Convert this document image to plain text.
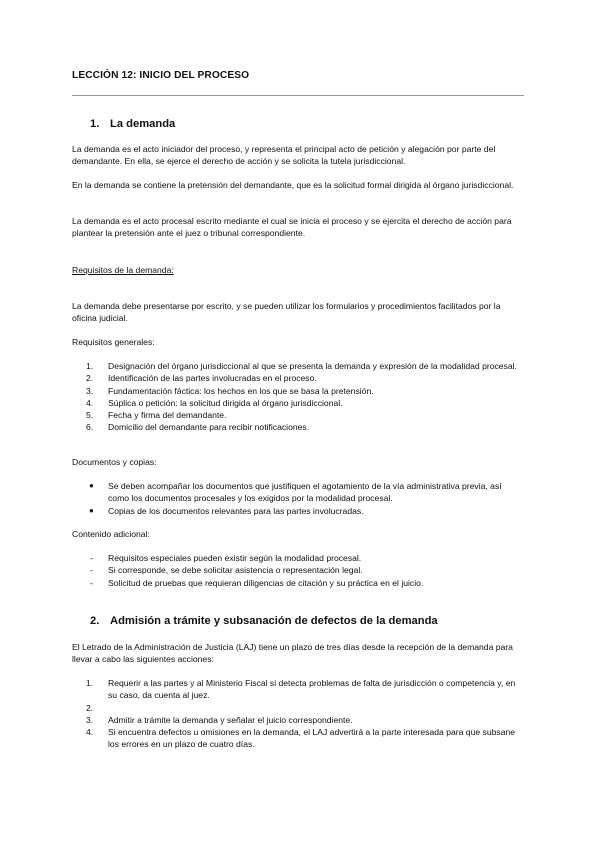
LECCIÓN 12: INICIO DEL PROCESO
1. La demanda

La demanda es el acto iniciador del proceso, y representa el principal acto de petición y alegación por parte del demandante. En ella, se ejerce el derecho de acción y se solicita la tutela jurisdiccional.

En la demanda se contiene la pretensión del demandante, que es la solicitud formal dirigida al órgano jurisdiccional.

La demanda es el acto procesal escrito mediante el cual se inicia el proceso y se ejercita el derecho de acción para plantear la pretensión ante el juez o tribunal correspondiente.

Requisitos de la demanda:

La demanda debe presentarse por escrito, y se pueden utilizar los formularios y procedimientos facilitados por la oficina judicial.

Requisitos generales:

1.	Designación del órgano jurisdiccional al que se presenta la demanda y expresión de la modalidad procesal.
2.	Identificación de las partes involucradas en el proceso.
3.	Fundamentación fáctica: los hechos en los que se basa la pretensión.
4.	Súplica o petición: la solicitud dirigida al órgano jurisdiccional.
5.	Fecha y firma del demandante.
6.	Domicilio del demandante para recibir notificaciones.

Documentos y copias:

●	Se deben acompañar los documentos que justifiquen el agotamiento de la vía administrativa previa, así como los documentos procesales y los exigidos por la modalidad procesal.
●	Copias de los documentos relevantes para las partes involucradas.

Contenido adicional:

-	Requisitos especiales pueden existir según la modalidad procesal.
-	Si corresponde, se debe solicitar asistencia o representación legal.
-	Solicitud de pruebas que requieran diligencias de citación y su práctica en el juicio.
2. Admisión a trámite y subsanación de defectos de la demanda

El Letrado de la Administración de Justicia (LAJ) tiene un plazo de tres días desde la recepción de la demanda para llevar a cabo las siguientes acciones:

1.	Requerir a las partes y al Ministerio Fiscal si detecta problemas de falta de jurisdicción o competencia y, en su caso, da cuenta al juez.
2.
3.	Admitir a trámite la demanda y señalar el juicio correspondiente.
4.	Si encuentra defectos u omisiones en la demanda, el LAJ advertirá a la parte interesada para que subsane los errores en un plazo de cuatro días.
